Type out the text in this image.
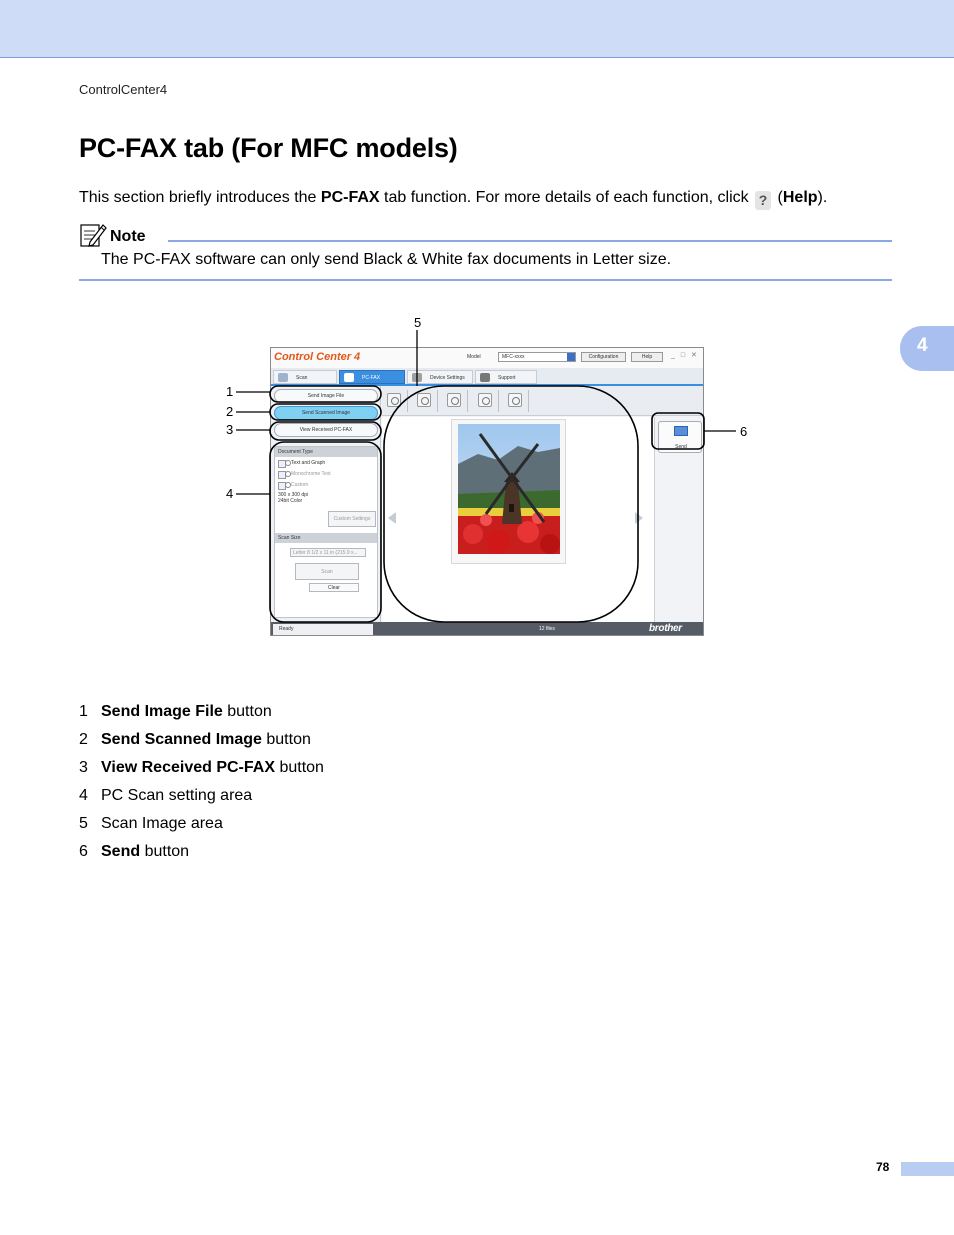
ControlCenter4
4
PC-FAX tab (For MFC models)

This section briefly introduces the PC-FAX tab function. For more details of each function, click ? (Help).

Note

The PC-FAX software can only send Black & White fax documents in Letter size.

Control Center 4	Model	MFC-xxxx	Configuration	Help	_ □ ✕
Scan	PC-FAX	Device Settings	Support
Send Image File
Send Scanned Image
View Received PC-FAX
Document Type
Text and Graph
Monochrome Text
Custom
300 x 300 dpi
24bit Color
Custom Settings
Scan Size
Letter 8 1/2 x 11 in (215.9 x...
Scan
Clear
Send
Ready	12 files	brother
1
2
3
4
5
6
1 Send Image File button
2 Send Scanned Image button
3 View Received PC-FAX button
4 PC Scan setting area
5 Scan Image area
6 Send button
78
